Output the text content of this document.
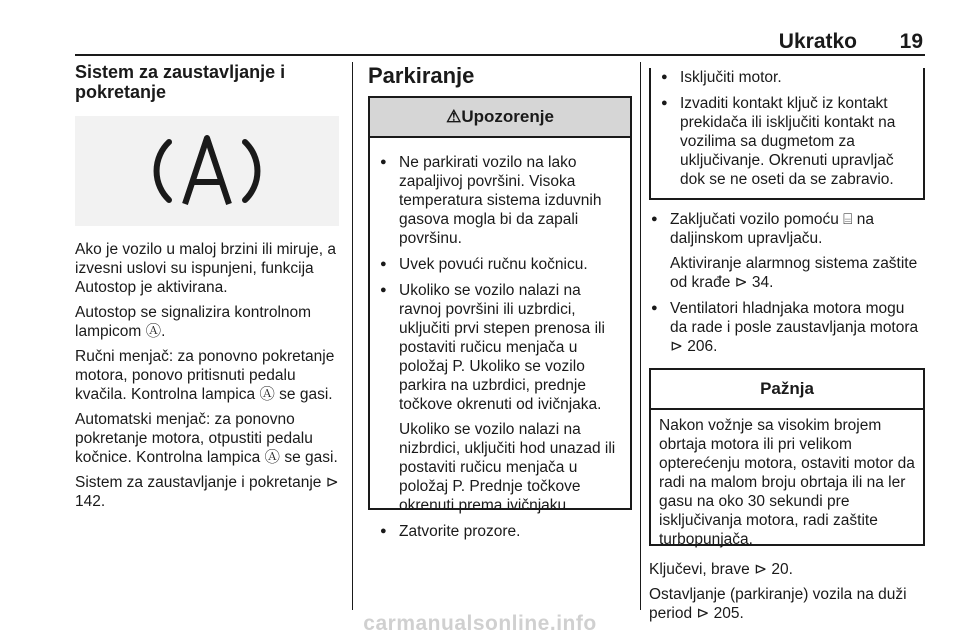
Ukratko 19
Sistem za zaustavljanje i pokretanje

Ako je vozilo u maloj brzini ili miruje, a izvesni uslovi su ispunjeni, funkcija Autostop je aktivirana.

Autostop se signalizira kontrolnom lampicom Ⓐ.

Ručni menjač: za ponovno pokretanje motora, ponovo pritisnuti pedalu kvačila. Kontrolna lampica Ⓐ se gasi.

Automatski menjač: za ponovno pokretanje motora, otpustiti pedalu kočnice. Kontrolna lampica Ⓐ se gasi.

Sistem za zaustavljanje i pokretanje ⊳ 142.

Parkiranje
⚠Upozorenje
● Ne parkirati vozilo na lako zapaljivoj površini. Visoka temperatura sistema izduvnih gasova mogla bi da zapali površinu.
● Uvek povući ručnu kočnicu.
● Ukoliko se vozilo nalazi na ravnoj površini ili uzbrdici, uključiti prvi stepen prenosa ili postaviti ručicu menjača u položaj P. Ukoliko se vozilo parkira na uzbrdici, prednje točkove okrenuti od ivičnjaka.
Ukoliko se vozilo nalazi na nizbrdici, uključiti hod unazad ili postaviti ručicu menjača u položaj P. Prednje točkove okrenuti prema ivičnjaku.
● Zatvorite prozore.
● Isključiti motor.
● Izvaditi kontakt ključ iz kontakt prekidača ili isključiti kontakt na vozilima sa dugmetom za uključivanje. Okrenuti upravljač dok se ne oseti da se zabravio.
● Zaključati vozilo pomoću ⌸ na daljinskom upravljaču.
Aktiviranje alarmnog sistema zaštite od krađe ⊳ 34.
● Ventilatori hladnjaka motora mogu da rade i posle zaustavljanja motora ⊳ 206.
Pažnja

Nakon vožnje sa visokim brojem obrtaja motora ili pri velikom opterećenju motora, ostaviti motor da radi na malom broju obrtaja ili na ler gasu na oko 30 sekundi pre isključivanja motora, radi zaštite turbopunjača.

Ključevi, brave ⊳ 20.

Ostavljanje (parkiranje) vozila na duži period ⊳ 205.

carmanualsonline.info
